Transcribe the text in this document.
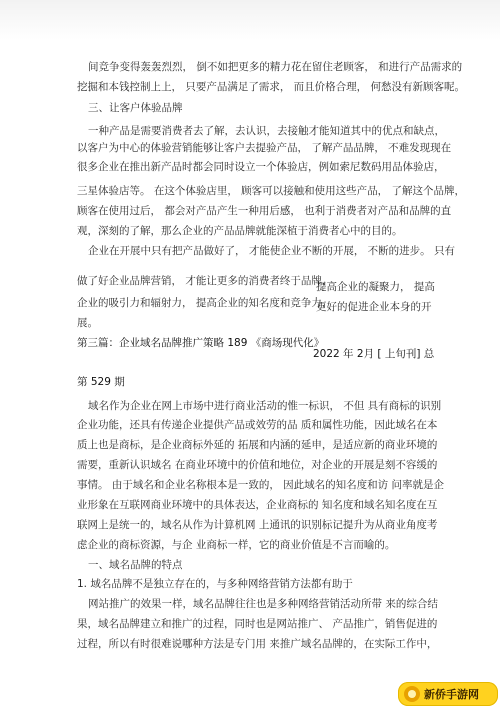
间竞争变得轰轰烈烈， 倒不如把更多的精力花在留住老顾客， 和进行产品需求的

挖掘和本钱控制上上， 只要产品满足了需求， 而且价格合理， 何愁没有新顾客呢。

三、让客户体验品牌

一种产品是需要消费者去了解，去认识，去接触才能知道其中的优点和缺点，

以客户为中心的体验营销能够让客户去提验产品， 了解产品品牌， 不难发现现在

很多企业在推出新产品时都会同时设立一个体验店，例如索尼数码用品体验店，

三星体验店等。 在这个体验店里， 顾客可以接触和使用这些产品， 了解这个品牌，

顾客在使用过后， 都会对产品产生一种用后感， 也利于消费者对产品和品牌的直

观，深刻的了解，那么企业的产品品牌就能深植于消费者心中的目的。

企业在开展中只有把产品做好了， 才能使企业不断的开展， 不断的进步。 只有

做了好企业品牌营销， 才能让更多的消费者终于品牌，

提高企业的凝聚力， 提高

企业的吸引力和辐射力， 提高企业的知名度和竞争力，

更好的促进企业本身的开

展。

第三篇：企业域名品牌推广策略 189 《商场现代化》

2022 年 2月 [ 上旬刊] 总

第 529 期

域名作为企业在网上市场中进行商业活动的惟一标识， 不但 具有商标的识别

企业功能，还具有传递企业提供产品或效劳的品 质和属性功能，因此域名在本

质上也是商标，是企业商标外延的 拓展和内涵的延申，是适应新的商业环境的

需要，重新认识域名 在商业环境中的价值和地位，对企业的开展是刻不容缓的

事情。 由于域名和企业名称根本是一致的， 因此域名的知名度和访 问率就是企

业形象在互联网商业环境中的具体表达，企业商标的 知名度和域名知名度在互

联网上是统一的，域名从作为计算机网 上通讯的识别标记提升为从商业角度考

虑企业的商标资源，与企 业商标一样，它的商业价值是不言而喻的。

一、域名品牌的特点

1. 域名品牌不是独立存在的，与多种网络营销方法都有助于

网站推广的效果一样，域名品牌往往也是多种网络营销活动所带 来的综合结

果，域名品牌建立和推广的过程，同时也是网站推广、 产品推广，销售促进的

过程，所以有时很难说哪种方法是专门用 来推广域名品牌的，在实际工作中，

新侨手游网
